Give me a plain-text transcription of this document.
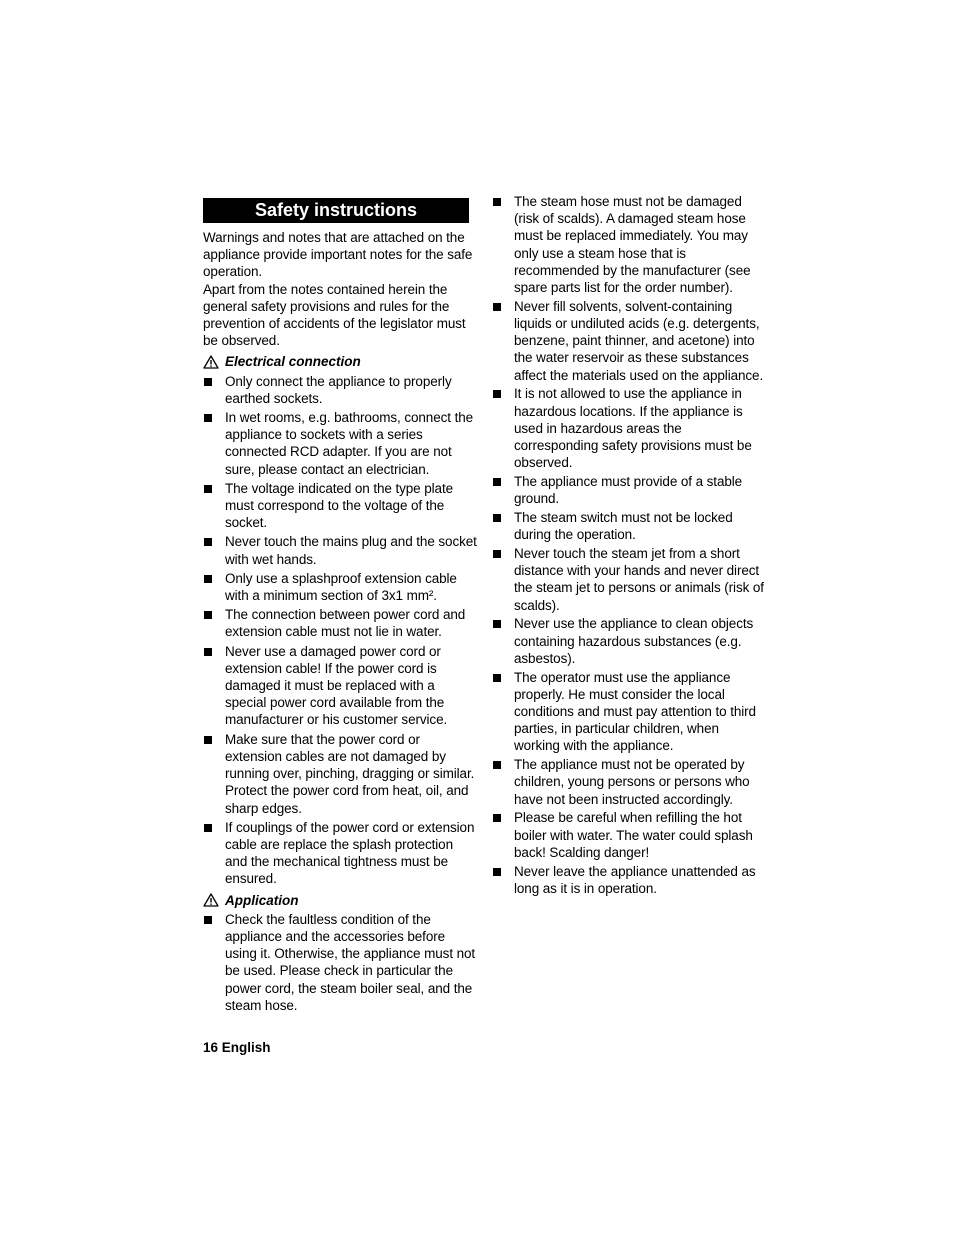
Safety instructions

Warnings and notes that are attached on the appliance provide important notes for the safe operation.

Apart from the notes contained herein the general safety provisions and rules for the prevention of accidents of the legislator must be observed.

Electrical connection
Only connect the appliance to properly earthed sockets.
In wet rooms, e.g. bathrooms, connect the appliance to sockets with a series connected RCD adapter. If you are not sure, please contact an electrician.
The voltage indicated on the type plate must correspond to the voltage of the socket.
Never touch the mains plug and the socket with wet hands.
Only use a splashproof extension cable with a minimum section of 3x1 mm².
The connection between power cord and extension cable must not lie in water.
Never use a damaged power cord or extension cable! If the power cord is damaged it must be replaced with a special power cord available from the manufacturer or his customer service.
Make sure that the power cord or extension cables are not damaged by running over, pinching, dragging or similar. Protect the power cord from heat, oil, and sharp edges.
If couplings of the power cord or extension cable are replace the splash protection and the mechanical tightness must be ensured.
Application
Check the faultless condition of the appliance and the accessories before using it. Otherwise, the appliance must not be used. Please check in particular the power cord, the steam boiler seal, and the steam hose.
The steam hose must not be damaged (risk of scalds). A damaged steam hose must be replaced immediately. You may only use a steam hose that is recommended by the manufacturer (see spare parts list for the order number).
Never fill solvents, solvent-containing liquids or undiluted acids (e.g. detergents, benzene, paint thinner, and acetone) into the water reservoir as these substances affect the materials used on the appliance.
It is not allowed to use the appliance in hazardous locations. If the appliance is used in hazardous areas the corresponding safety provisions must be observed.
The appliance must provide of a stable ground.
The steam switch must not be locked during the operation.
Never touch the steam jet from a short distance with your hands and never direct the steam jet to persons or animals (risk of scalds).
Never use the appliance to clean objects containing hazardous substances (e.g. asbestos).
The operator must use the appliance properly. He must consider the local conditions and must pay attention to third parties, in particular children, when working with the appliance.
The appliance must not be operated by children, young persons or persons who have not been instructed accordingly.
Please be careful when refilling the hot boiler with water. The water could splash back! Scalding danger!
Never leave the appliance unattended as long as it is in operation.
16 English
